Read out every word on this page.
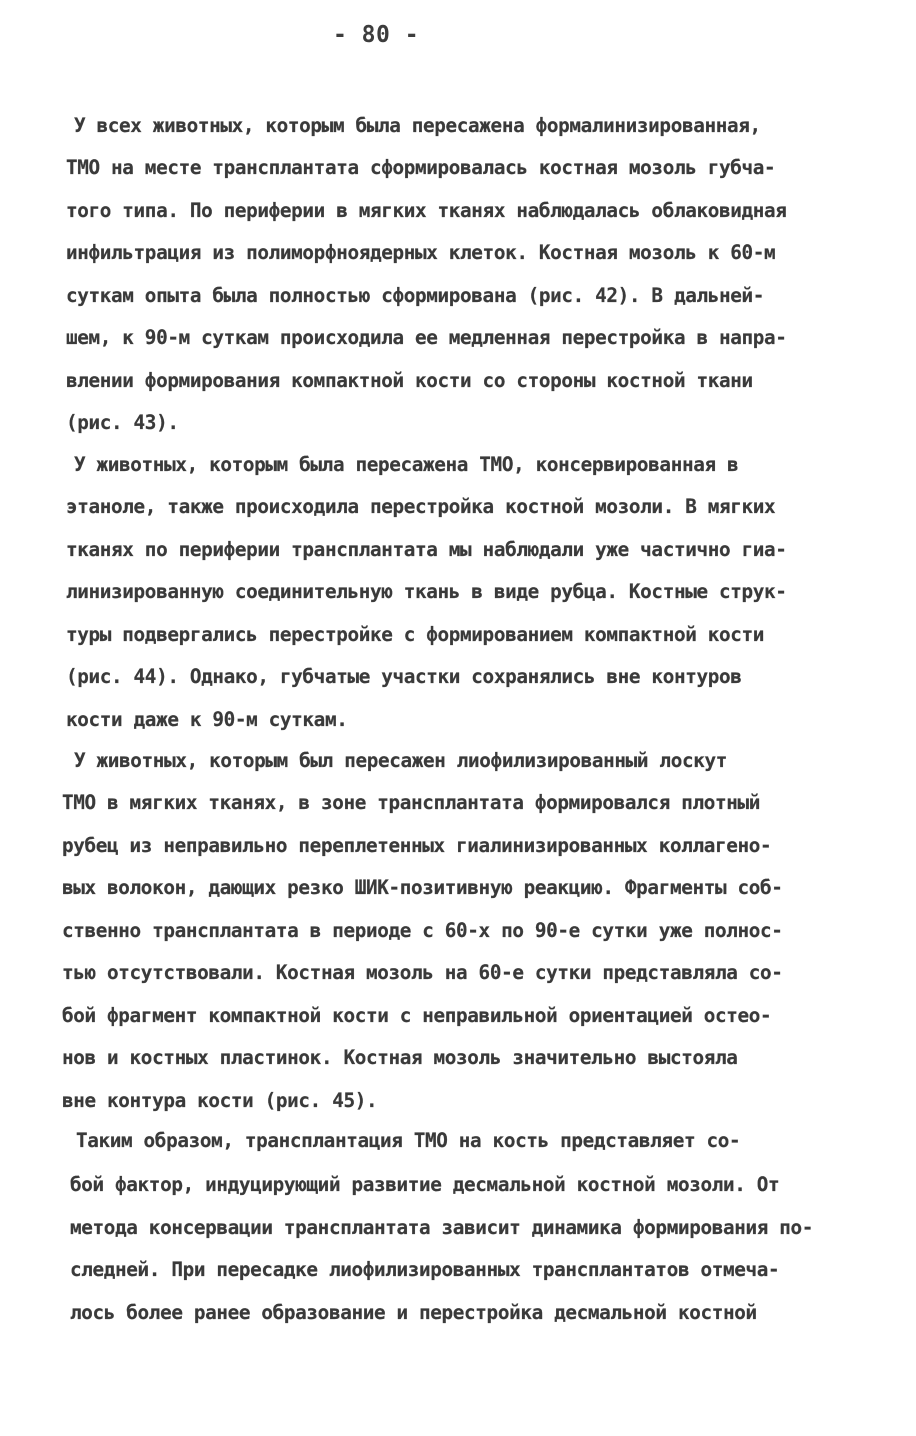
- 80 -
У всех животных, которым была пересажена формалинизированная,
ТМО на месте трансплантата сформировалась костная мозоль губча-
того типа. По периферии в мягких тканях наблюдалась облаковидная
инфильтрация из полиморфноядерных клеток. Костная мозоль к 60-м
суткам опыта была полностью сформирована (рис. 42). В дальней-
шем, к 90-м суткам происходила ее медленная перестройка в напра-
влении формирования компактной кости со стороны костной ткани
(рис. 43).
У животных, которым была пересажена ТМО, консервированная в
этаноле, также происходила перестройка костной мозоли. В мягких
тканях по периферии трансплантата мы наблюдали уже частично гиа-
линизированную соединительную ткань в виде рубца. Костные струк-
туры подвергались перестройке с формированием компактной кости
(рис. 44). Однако, губчатые участки сохранялись вне контуров
кости даже к 90-м суткам.
У животных, которым был пересажен лиофилизированный лоскут
ТМО в мягких тканях, в зоне трансплантата формировался плотный
рубец из неправильно переплетенных гиалинизированных коллагено-
вых волокон, дающих резко ШИК-позитивную реакцию. Фрагменты соб-
ственно трансплантата в периоде с 60-х по 90-е сутки уже полнос-
тью отсутствовали. Костная мозоль на 60-е сутки представляла со-
бой фрагмент компактной кости с неправильной ориентацией остео-
нов и костных пластинок. Костная мозоль значительно выстояла
вне контура кости (рис. 45).
Таким образом, трансплантация ТМО на кость представляет со-
бой фактор, индуцирующий развитие десмальной костной мозоли. От
метода консервации трансплантата зависит динамика формирования по-
следней. При пересадке лиофилизированных трансплантатов отмеча-
лось более ранее образование и перестройка десмальной костной
